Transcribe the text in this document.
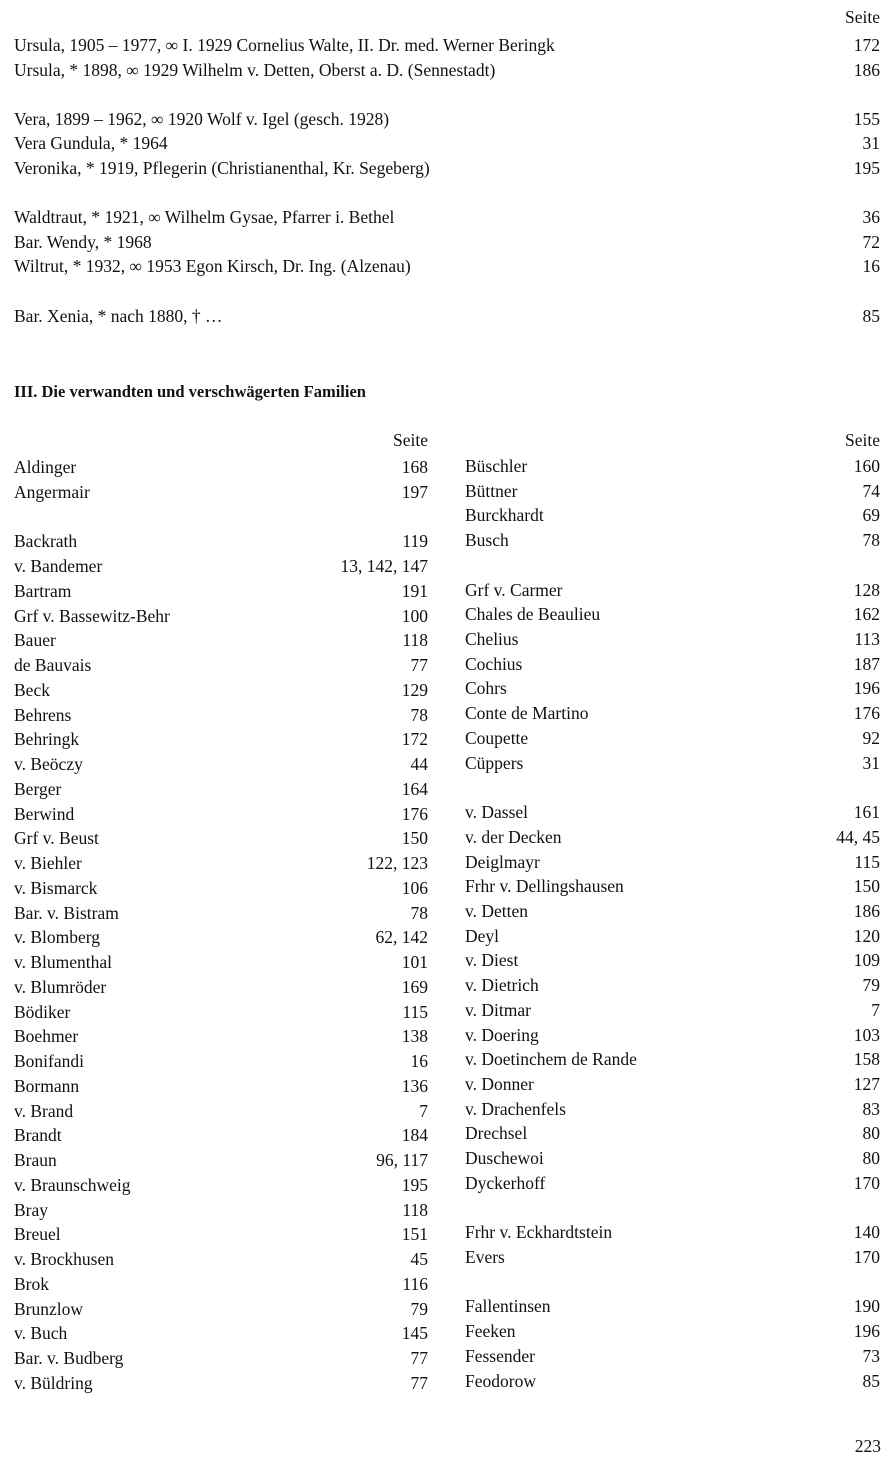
Seite
Ursula, 1905 – 1977, ∞ I. 1929 Cornelius Walte, II. Dr. med. Werner Beringk	172
Ursula, * 1898, ∞ 1929 Wilhelm v. Detten, Oberst a. D. (Sennestadt)	186
Vera, 1899 – 1962, ∞ 1920 Wolf v. Igel (gesch. 1928)	155
Vera Gundula, * 1964	31
Veronika, * 1919, Pflegerin (Christianenthal, Kr. Segeberg)	195
Waldtraut, * 1921, ∞ Wilhelm Gysae, Pfarrer i. Bethel	36
Bar. Wendy, * 1968	72
Wiltrut, * 1932, ∞ 1953 Egon Kirsch, Dr. Ing. (Alzenau)	16
Bar. Xenia, * nach 1880, † …	85
III. Die verwandten und verschwägerten Familien
Seite	Seite
Aldinger	168
Angermair	197
Backrath	119
v. Bandemer	13, 142, 147
Bartram	191
Grf v. Bassewitz-Behr	100
Bauer	118
de Bauvais	77
Beck	129
Behrens	78
Behringk	172
v. Beöczy	44
Berger	164
Berwind	176
Grf v. Beust	150
v. Biehler	122, 123
v. Bismarck	106
Bar. v. Bistram	78
v. Blomberg	62, 142
v. Blumenthal	101
v. Blumröder	169
Bödiker	115
Boehmer	138
Bonifandi	16
Bormann	136
v. Brand	7
Brandt	184
Braun	96, 117
v. Braunschweig	195
Bray	118
Breuel	151
v. Brockhusen	45
Brok	116
Brunzlow	79
v. Buch	145
Bar. v. Budberg	77
v. Büldring	77
Büschler	160
Büttner	74
Burckhardt	69
Busch	78
Grf v. Carmer	128
Chales de Beaulieu	162
Chelius	113
Cochius	187
Cohrs	196
Conte de Martino	176
Coupette	92
Cüppers	31
v. Dassel	161
v. der Decken	44, 45
Deiglmayr	115
Frhr v. Dellingshausen	150
v. Detten	186
Deyl	120
v. Diest	109
v. Dietrich	79
v. Ditmar	7
v. Doering	103
v. Doetinchem de Rande	158
v. Donner	127
v. Drachenfels	83
Drechsel	80
Duschewoi	80
Dyckerhoff	170
Frhr v. Eckhardtstein	140
Evers	170
Fallentinsen	190
Feeken	196
Fessender	73
Feodorow	85
223
